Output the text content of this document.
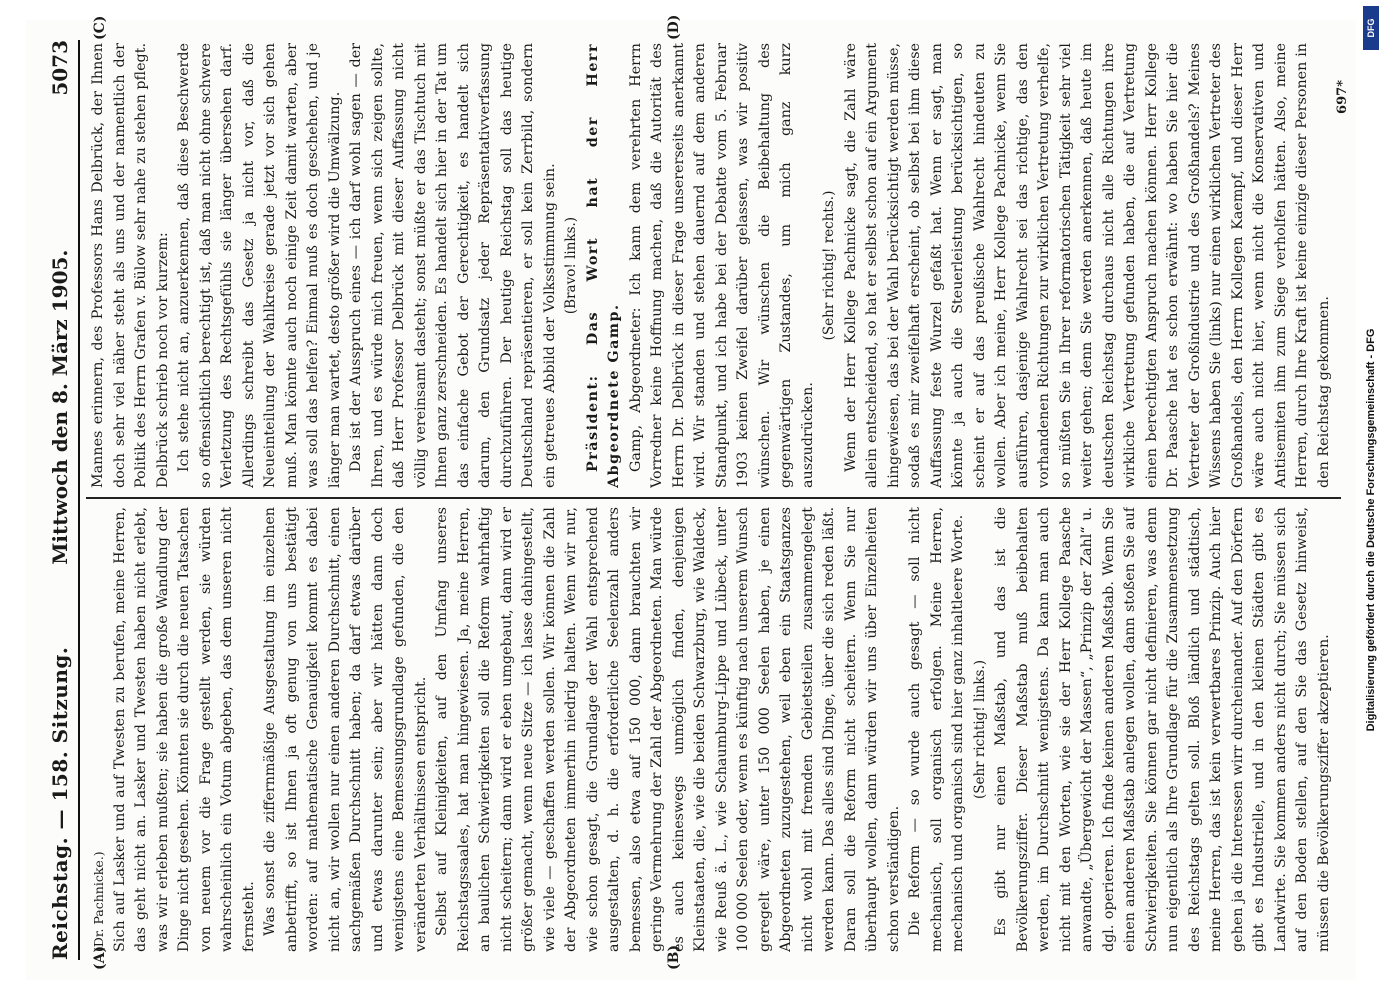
Reichstag. — 158. Sitzung.
Mittwoch den 8. März 1905.  5073
(A)	(B)
(C)	(D)
(Dr. Pachnicke.) Sich auf Lasker und auf Twesten zu berufen, meine Herren, das geht nicht an. Lasker und Twesten haben nicht erlebt, was wir erleben mußten; sie haben die große Wandlung der Dinge nicht gesehen. Könnten sie durch die neuen Tatsachen von neuem vor die Frage gestellt werden, sie würden wahrscheinlich ein Votum abgeben, das dem unseren nicht fernsteht. Was sonst die ziffernmäßige Ausgestaltung im einzelnen anbetrifft, so ist Ihnen ja oft genug von uns bestätigt worden: auf mathematische Genauigkeit kommt es dabei nicht an, wir wollen nur einen anderen Durchschnitt, einen sachgemäßen Durchschnitt haben; da darf etwas darüber und etwas darunter sein; aber wir hätten dann doch wenigstens eine Bemessungsgrundlage gefunden, die den veränderten Verhältnissen entspricht. Selbst auf Kleinigkeiten, auf den Umfang unseres Reichstagssaales, hat man hingewiesen. Ja, meine Herren, an baulichen Schwierigkeiten soll die Reform wahrhaftig nicht scheitern; dann wird er eben umgebaut, dann wird er größer gemacht, wenn neue Sitze — ich lasse dahingestellt, wie viele — geschaffen werden sollen. Wir können die Zahl der Abgeordneten immerhin niedrig halten. Wenn wir nur, wie schon gesagt, die Grundlage der Wahl entsprechend ausgestalten, d. h. die erforderliche Seelenzahl anders bemessen, also etwa auf 150 000, dann brauchten wir geringe Vermehrung der Zahl der Abgeordneten. Man würde es auch keineswegs unmöglich finden, denjenigen Kleinstaaten, die, wie die beiden Schwarzburg, wie Waldeck, wie Reuß ä. L., wie Schaumburg-Lippe und Lübeck, unter 100 000 Seelen oder, wenn es künftig nach unserem Wunsch geregelt wäre, unter 150 000 Seelen haben, je einen Abgeordneten zuzugestehen, weil eben ein Staatsganzes nicht wohl mit fremden Gebietsteilen zusammengelegt werden kann. Das alles sind Dinge, über die sich reden läßt. Daran soll die Reform nicht scheitern. Wenn Sie nur überhaupt wollen, dann würden wir uns über Einzelheiten schon verständigen. Die Reform — so wurde auch gesagt — soll nicht mechanisch, soll organisch erfolgen. Meine Herren, mechanisch und organisch sind hier ganz inhaltleere Worte. (Sehr richtig! links.) Es gibt nur einen Maßstab, und das ist die Bevölkerungsziffer. Dieser Maßstab muß beibehalten werden, im Durchschnitt wenigstens. Da kann man auch nicht mit den Worten, wie sie der Herr Kollege Paasche anwandte, „Übergewicht der Massen“, „Prinzip der Zahl“ u. dgl. operieren. Ich finde keinen anderen Maßstab. Wenn Sie einen anderen Maßstab anlegen wollen, dann stoßen Sie auf Schwierigkeiten. Sie können gar nicht definieren, was denn nun eigentlich als Ihre Grundlage für die Zusammensetzung des Reichstags gelten soll. Bloß ländlich und städtisch, meine Herren, das ist kein verwertbares Prinzip. Auch hier gehen ja die Interessen wirr durcheinander. Auf den Dörfern gibt es Industrielle, und in den kleinen Städten gibt es Landwirte. Sie kommen anders nicht durch; Sie müssen sich auf den Boden stellen, auf den Sie das Gesetz hinweist, müssen die Bevölkerungsziffer akzeptieren.

Mannes erinnern, des Professors Hans Delbrück, der Ihnen doch sehr viel näher steht als uns und der namentlich der Politik des Herrn Grafen v. Bülow sehr nahe zu stehen pflegt. Delbrück schrieb noch vor kurzem: Ich stehe nicht an, anzuerkennen, daß diese Beschwerde so offensichtlich berechtigt ist, daß man nicht ohne schwere Verletzung des Rechtsgefühls sie länger übersehen darf. Allerdings schreibt das Gesetz ja nicht vor, daß die Neueinteilung der Wahlkreise gerade jetzt vor sich gehen muß. Man könnte auch noch einige Zeit damit warten, aber was soll das helfen? Einmal muß es doch geschehen, und je länger man wartet, desto größer wird die Umwälzung. Das ist der Ausspruch eines — ich darf wohl sagen — der Ihren, und es würde mich freuen, wenn sich zeigen sollte, daß Herr Professor Delbrück mit dieser Auffassung nicht völlig vereinsamt dasteht; sonst müßte er das Tischtuch mit Ihnen ganz zerschneiden. Es handelt sich hier in der Tat um das einfache Gebot der Gerechtigkeit, es handelt sich darum, den Grundsatz jeder Repräsentativverfassung durchzuführen. Der heutige Reichstag soll das heutige Deutschland repräsentieren, er soll kein Zerrbild, sondern ein getreues Abbild der Volksstimmung sein. (Bravo! links.) Präsident: Das Wort hat der Herr Abgeordnete Gamp. Gamp, Abgeordneter: Ich kann dem verehrten Herrn Vorredner keine Hoffnung machen, daß die Autorität des Herrn Dr. Delbrück in dieser Frage unsererseits anerkannt wird. Wir standen und stehen dauernd auf dem anderen Standpunkt, und ich habe bei der Debatte vom 5. Februar 1903 keinen Zweifel darüber gelassen, was wir positiv wünschen. Wir wünschen die Beibehaltung des gegenwärtigen Zustandes, um mich ganz kurz auszudrücken.

(Sehr richtig! rechts.) Wenn der Herr Kollege Pachnicke sagt, die Zahl wäre allein entscheidend, so hat er selbst schon auf ein Argument hingewiesen, das bei der Wahl berücksichtigt werden müsse, sodaß es mir zweifelhaft erscheint, ob selbst bei ihm diese Auffassung feste Wurzel gefaßt hat. Wenn er sagt, man könnte ja auch die Steuerleistung berücksichtigen, so scheint er auf das preußische Wahlrecht hindeuten zu wollen. Aber ich meine, Herr Kollege Pachnicke, wenn Sie ausführen, dasjenige Wahlrecht sei das richtige, das den vorhandenen Richtungen zur wirklichen Vertretung verhelfe, so müßten Sie in Ihrer reformatorischen Tätigkeit sehr viel weiter gehen; denn Sie werden anerkennen, daß heute im deutschen Reichstag durchaus nicht alle Richtungen ihre wirkliche Vertretung gefunden haben, die auf Vertretung einen berechtigten Anspruch machen können. Herr Kollege Dr. Paasche hat es schon erwähnt: wo haben Sie hier die Vertreter der Großindustrie und des Großhandels? Meines Wissens haben Sie (links) nur einen wirklichen Vertreter des Großhandels, den Herrn Kollegen Kaempf, und dieser Herr wäre auch nicht hier, wenn nicht die Konservativen und Antisemiten ihm zum Siege verholfen hätten. Also, meine Herren, durch Ihre Kraft ist keine einzige dieser Personen in den Reichstag gekommen.

697*
DFG
Digitalisierung gefördert durch die Deutsche Forschungsgemeinschaft - DFG
